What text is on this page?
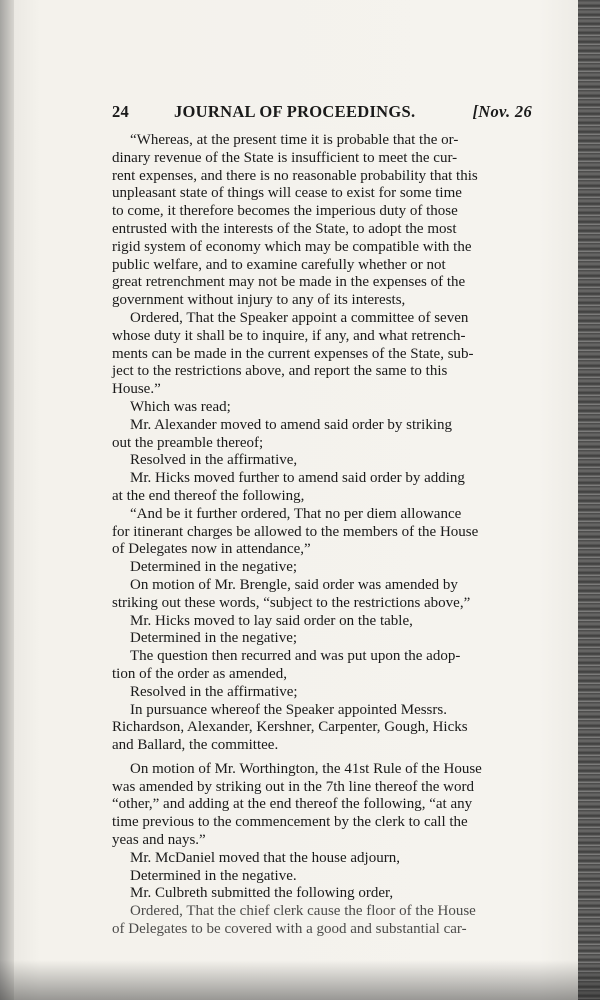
24	JOURNAL OF PROCEEDINGS.	[Nov. 26
“Whereas, at the present time it is probable that the or-
dinary revenue of the State is insufficient to meet the cur-
rent expenses, and there is no reasonable probability that this
unpleasant state of things will cease to exist for some time
to come, it therefore becomes the imperious duty of those
entrusted with the interests of the State, to adopt the most
rigid system of economy which may be compatible with the
public welfare, and to examine carefully whether or not
great retrenchment may not be made in the expenses of the
government without injury to any of its interests,
Ordered, That the Speaker appoint a committee of seven
whose duty it shall be to inquire, if any, and what retrench-
ments can be made in the current expenses of the State, sub-
ject to the restrictions above, and report the same to this
House.”
Which was read;
Mr. Alexander moved to amend said order by striking
out the preamble thereof;
Resolved in the affirmative,
Mr. Hicks moved further to amend said order by adding
at the end thereof the following,
“And be it further ordered, That no per diem allowance
for itinerant charges be allowed to the members of the House
of Delegates now in attendance,”
Determined in the negative;
On motion of Mr. Brengle, said order was amended by
striking out these words, “subject to the restrictions above,”
Mr. Hicks moved to lay said order on the table,
Determined in the negative;
The question then recurred and was put upon the adop-
tion of the order as amended,
Resolved in the affirmative;
In pursuance whereof the Speaker appointed Messrs.
Richardson, Alexander, Kershner, Carpenter, Gough, Hicks
and Ballard, the committee.
On motion of Mr. Worthington, the 41st Rule of the House
was amended by striking out in the 7th line thereof the word
“other,” and adding at the end thereof the following, “at any
time previous to the commencement by the clerk to call the
yeas and nays.”
Mr. McDaniel moved that the house adjourn,
Determined in the negative.
Mr. Culbreth submitted the following order,
Ordered, That the chief clerk cause the floor of the House
of Delegates to be covered with a good and substantial car-
